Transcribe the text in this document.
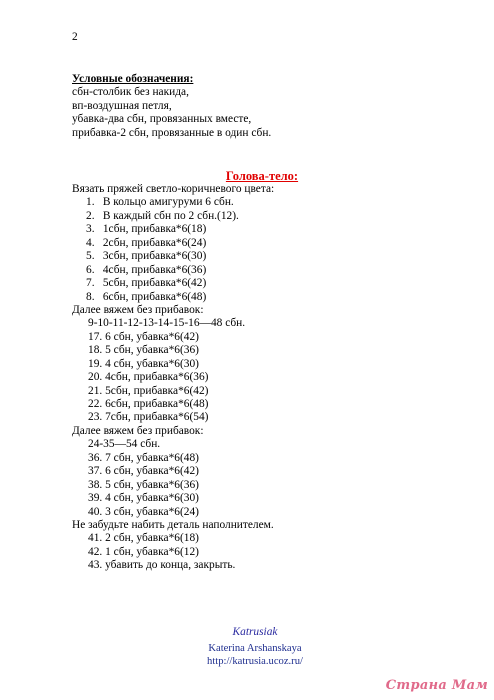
2
Условные обозначения:
сбн-столбик без накида,
вп-воздушная петля,
убавка-два сбн, провязанных вместе,
прибавка-2 сбн, провязанные в один сбн.
Голова-тело:
Вязать пряжей светло-коричневого цвета:
1. В кольцо амигуруми 6 сбн.
2. В каждый сбн по 2 сбн.(12).
3. 1сбн, прибавка*6(18)
4. 2сбн, прибавка*6(24)
5. 3сбн, прибавка*6(30)
6. 4сбн, прибавка*6(36)
7. 5сбн, прибавка*6(42)
8. 6сбн, прибавка*6(48)
Далее вяжем без прибавок:
9-10-11-12-13-14-15-16—48 сбн.
17. 6 сбн, убавка*6(42)
18. 5 сбн, убавка*6(36)
19. 4 сбн, убавка*6(30)
20. 4сбн, прибавка*6(36)
21. 5сбн, прибавка*6(42)
22. 6сбн, прибавка*6(48)
23. 7сбн, прибавка*6(54)
Далее вяжем без прибавок:
24-35—54 сбн.
36. 7 сбн, убавка*6(48)
37. 6 сбн, убавка*6(42)
38. 5 сбн, убавка*6(36)
39. 4 сбн, убавка*6(30)
40. 3 сбн, убавка*6(24)
Не забудьте набить деталь наполнителем.
41. 2 сбн, убавка*6(18)
42. 1 сбн, убавка*6(12)
43. убавить до конца, закрыть.
Katrusiak
Katerina Arshanskaya
http://katrusia.ucoz.ru/
Страна Мам
